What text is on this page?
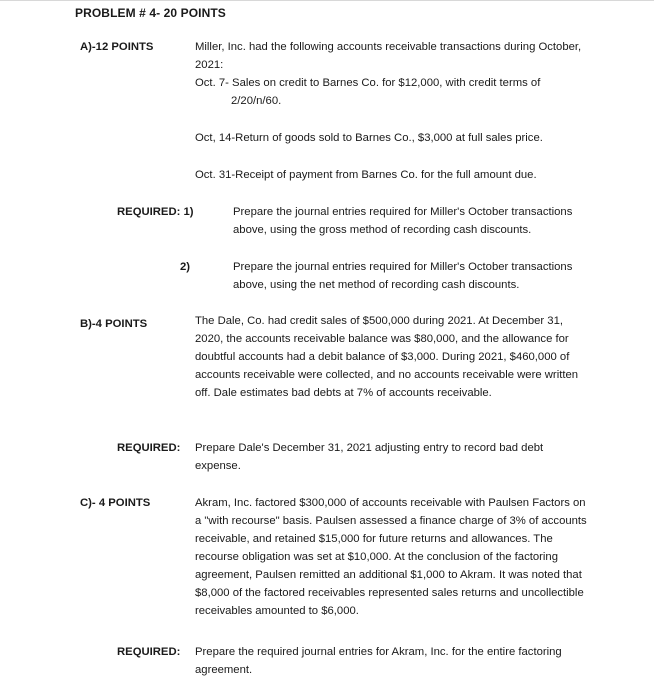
PROBLEM # 4- 20 POINTS
A)-12 POINTS	Miller, Inc. had the following accounts receivable transactions during October, 2021:
Oct. 7- Sales on credit to Barnes Co. for $12,000, with credit terms of 2/20/n/60.
Oct, 14-Return of goods sold to Barnes Co., $3,000 at full sales price.
Oct. 31-Receipt of payment from Barnes Co. for the full amount due.
REQUIRED: 1)	Prepare the journal entries required for Miller's October transactions above, using the gross method of recording cash discounts.
2)	Prepare the journal entries required for Miller's October transactions above, using the net method of recording cash discounts.
B)-4 POINTS	The Dale, Co. had credit sales of $500,000 during 2021. At December 31, 2020, the accounts receivable balance was $80,000, and the allowance for doubtful accounts had a debit balance of $3,000. During 2021, $460,000 of accounts receivable were collected, and no accounts receivable were written off. Dale estimates bad debts at 7% of accounts receivable.
REQUIRED: Prepare Dale's December 31, 2021 adjusting entry to record bad debt expense.
C)- 4 POINTS	Akram, Inc. factored $300,000 of accounts receivable with Paulsen Factors on a "with recourse" basis. Paulsen assessed a finance charge of 3% of accounts receivable, and retained $15,000 for future returns and allowances. The recourse obligation was set at $10,000. At the conclusion of the factoring agreement, Paulsen remitted an additional $1,000 to Akram. It was noted that $8,000 of the factored receivables represented sales returns and uncollectible receivables amounted to $6,000.
REQUIRED: Prepare the required journal entries for Akram, Inc. for the entire factoring agreement.
